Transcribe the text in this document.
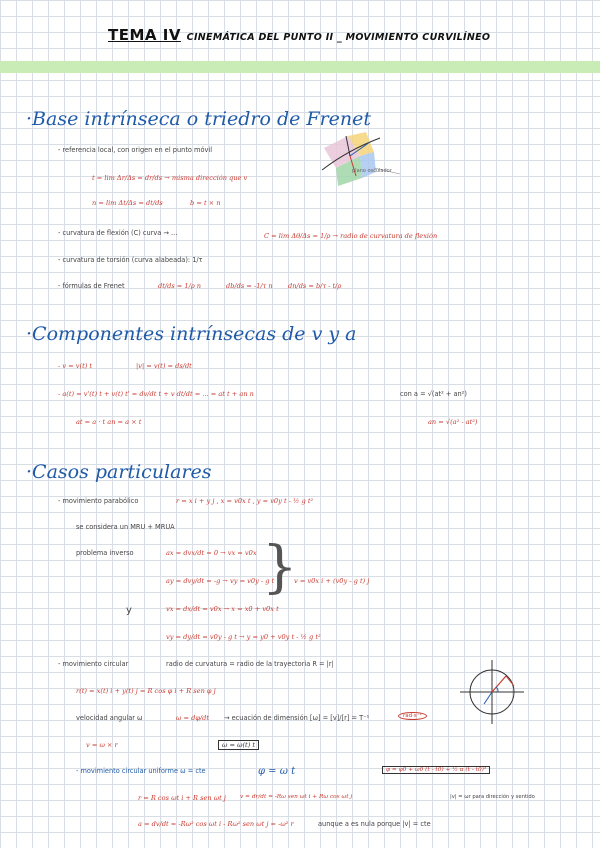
TEMA IV CINEMÁTICA DEL PUNTO II _ MOVIMIENTO CURVILÍNEO
·Base intrínseca o triedro de Frenet
- referencia local, con origen en el punto móvil
t = lim Δr/Δs = dr/ds → misma dirección que v
n = lim Δt/Δs = dt/ds	b = t × n
- curvatura de flexión (C) curva → ...	C = lim Δθ/Δs = 1/ρ → radio de curvatura de flexión
- curvatura de torsión (curva alabeada): 1/τ
- fórmulas de Frenet	dt/ds = 1/ρ n	db/ds = -1/τ n dn/ds = b/τ - t/ρ
plano osculador
·Componentes intrínsecas de v y a
- v = v(t) t	|v| = v(t) = ds/dt
- a(t) = v'(t) t + v(t) t' = dv/dt t + v dt/dt = ... = at t + an n	con a = √(at² + an²)
at = a · t an = a × t	an = √(a² - at²)
·Casos particulares
- movimiento parabólico	r = x i + y j , x = v0x t , y = v0y t - ½ g t²
se considera un MRU + MRUA
problema inverso	ax = dvx/dt = 0 → vx = v0x
ay = dvy/dt = -g → vy = v0y - g t
}
v = v0x i + (v0y - g t) j
y	vx = dx/dt = v0x → x = x0 + v0x t
vy = dy/dt = v0y - g t → y = y0 + v0y t - ½ g t²
- movimiento circular	radio de curvatura = radio de la trayectoria R = |r|
r(t) = x(t) i + y(t) j = R cos φ i + R sen φ j
velocidad angular ω	ω = dφ/dt → ecuación de dimensión [ω] = [v]/[r] = T⁻¹	rad·s⁻¹
v = ω × r	ω = ω(t) t
- movimiento circular uniforme ω = cte	φ = ω t	φ = φ0 + ω0 (t - t0) + ½ α (t - t0)²
r = R cos ωt i + R sen ωt j v = dr/dt = -Rω sen ωt i + Rω cos ωt j	|v| = ωr para dirección y sentido
a = dv/dt = -Rω² cos ωt i - Rω² sen ωt j = -ω² r	aunque a es nula porque |v| = cte
